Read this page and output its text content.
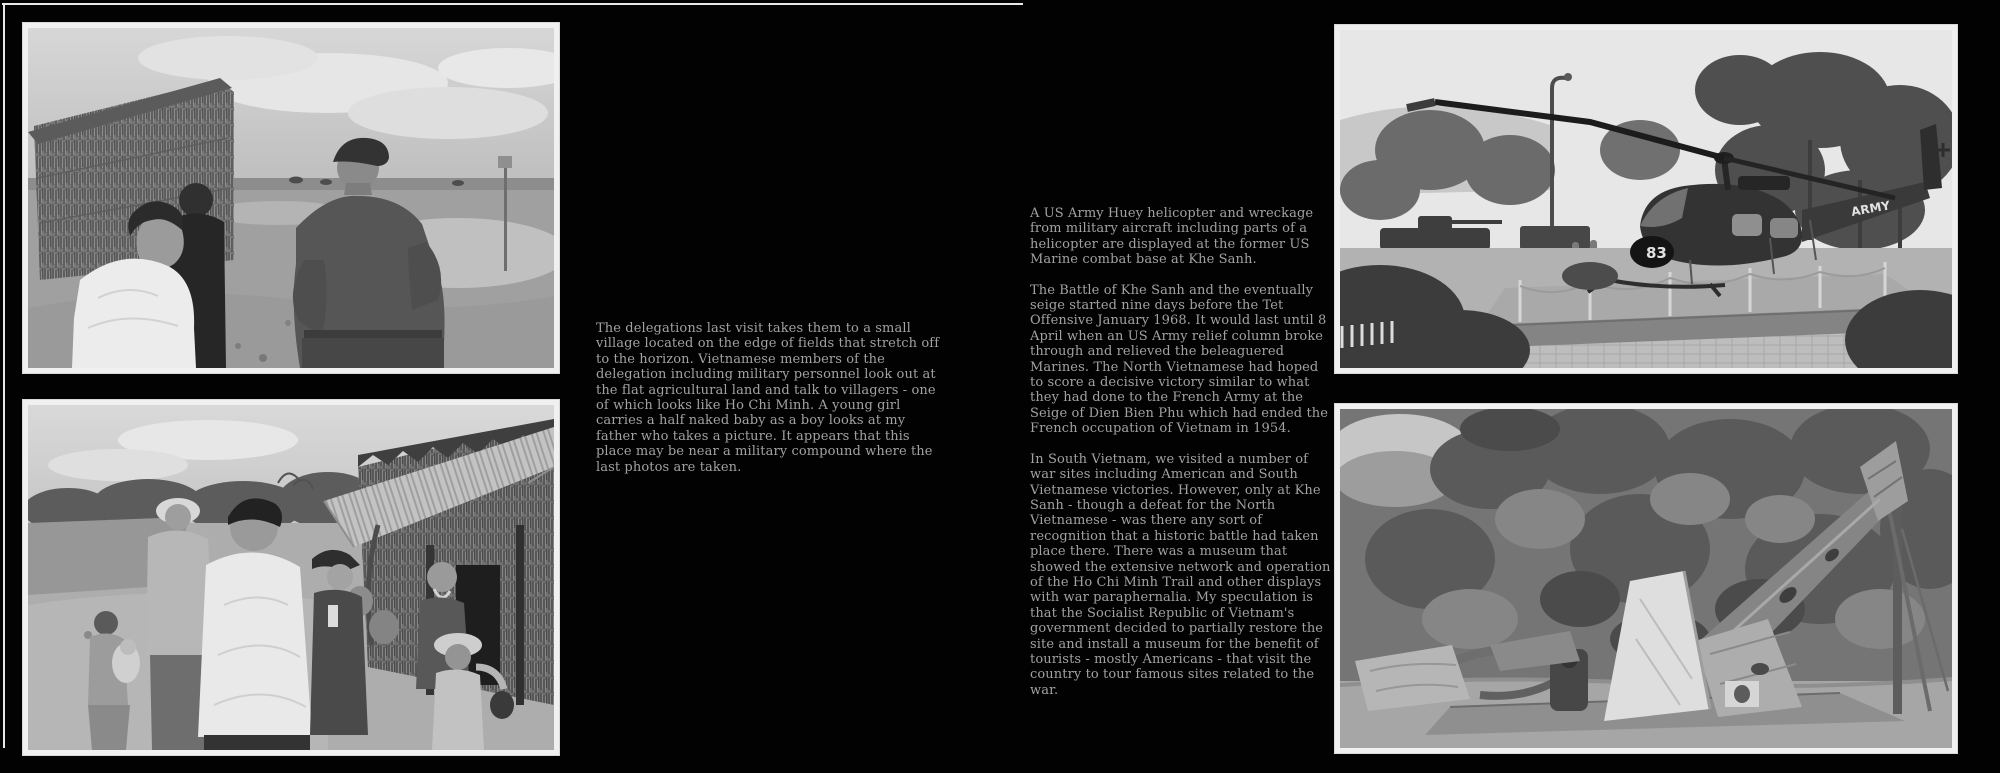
83
ARMY

The delegations last visit takes them to a small village located on the edge of fields that stretch off to the horizon. Vietnamese members of the delegation including military personnel look out at the flat agricultural land and talk to villagers - one of which looks like Ho Chi Minh. A young girl carries a half naked baby as a boy looks at my father who takes a picture. It appears that this place may be near a military compound where the last photos are taken.

A US Army Huey helicopter and wreckage from military aircraft including parts of a helicopter are displayed at the former US Marine combat base at Khe Sanh.

The Battle of Khe Sanh and the eventually seige started nine days before the Tet Offensive January 1968. It would last until 8 April when an US Army relief column broke through and relieved the beleaguered Marines. The North Vietnamese had hoped to score a decisive victory similar to what they had done to the French Army at the Seige of Dien Bien Phu which had ended the French occupation of Vietnam in 1954.

In South Vietnam, we visited a number of war sites including American and South Vietnamese victories. However, only at Khe Sanh - though a defeat for the North Vietnamese - was there any sort of recognition that a historic battle had taken place there. There was a museum that showed the extensive network and operation of the Ho Chi Minh Trail and other displays with war paraphernalia. My speculation is that the Socialist Republic of Vietnam's government decided to partially restore the site and install a museum for the benefit of tourists - mostly Americans - that visit the country to tour famous sites related to the war.
